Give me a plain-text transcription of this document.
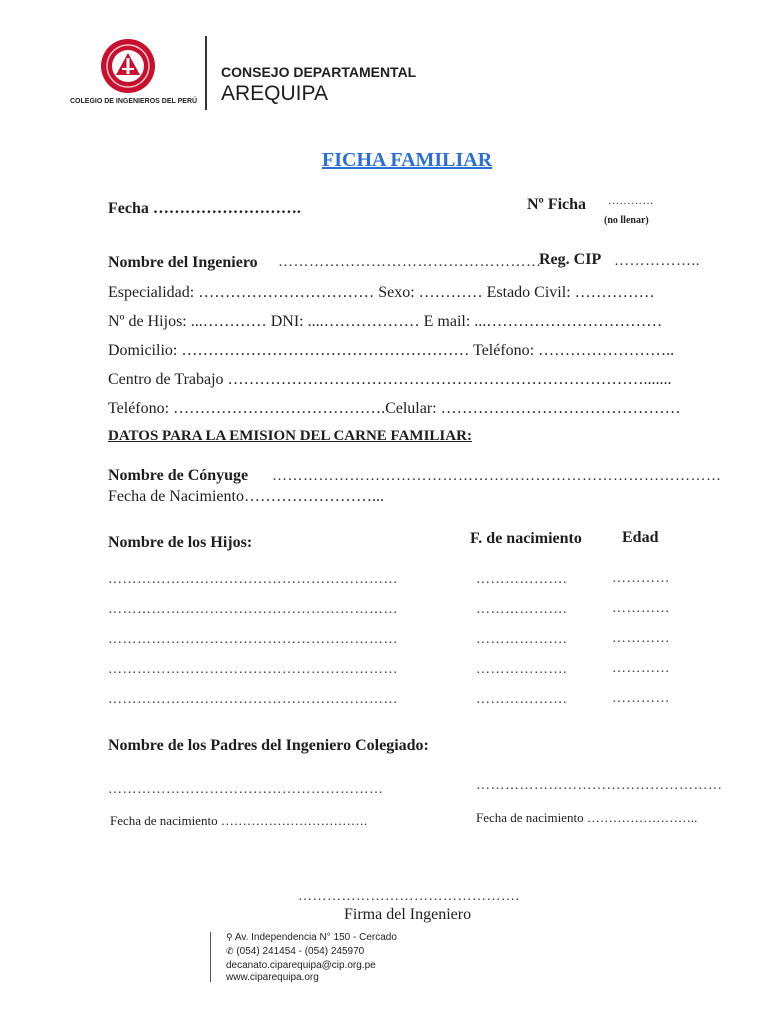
COLEGIO DE INGENIEROS DEL PERÚ
CONSEJO DEPARTAMENTAL
AREQUIPA
FICHA FAMILIAR
Fecha ……………………….	Nº Ficha …………
(no llenar)
Nombre del Ingeniero ……………………………………………
Reg. CIP ……………..
Especialidad: …………………………… Sexo: ………… Estado Civil: ……………
Nº de Hijos: ...………… DNI: ....……………… E mail: ...……………………………
Domicilio: ……………………………………………… Teléfono: ……………………..
Centro de Trabajo …………………………………………………………………….......
Teléfono: ………………………………….Celular: ………………………………………
DATOS PARA LA EMISION DEL CARNE FAMILIAR:
Nombre de Cónyuge ……………………………………………………………………………
Fecha de Nacimiento……………………...
Nombre de los Hijos:	F. de nacimiento	Edad
……………………………………………………	……………….	…………
……………………………………………………	……………….	…………
……………………………………………………	……………….	…………
……………………………………………………	……………….	…………
……………………………………………………	……………….	…………
Nombre de los Padres del Ingeniero Colegiado:
…………………………………………………	……………………………………………
Fecha de nacimiento …………………………….	Fecha de nacimiento ……………………..
……………………………………….
Firma del Ingeniero
⚲ Av. Independencia N° 150 - Cercado
✆ (054) 241454 - (054) 245970
decanato.ciparequipa@cip.org.pe
www.ciparequipa.org
